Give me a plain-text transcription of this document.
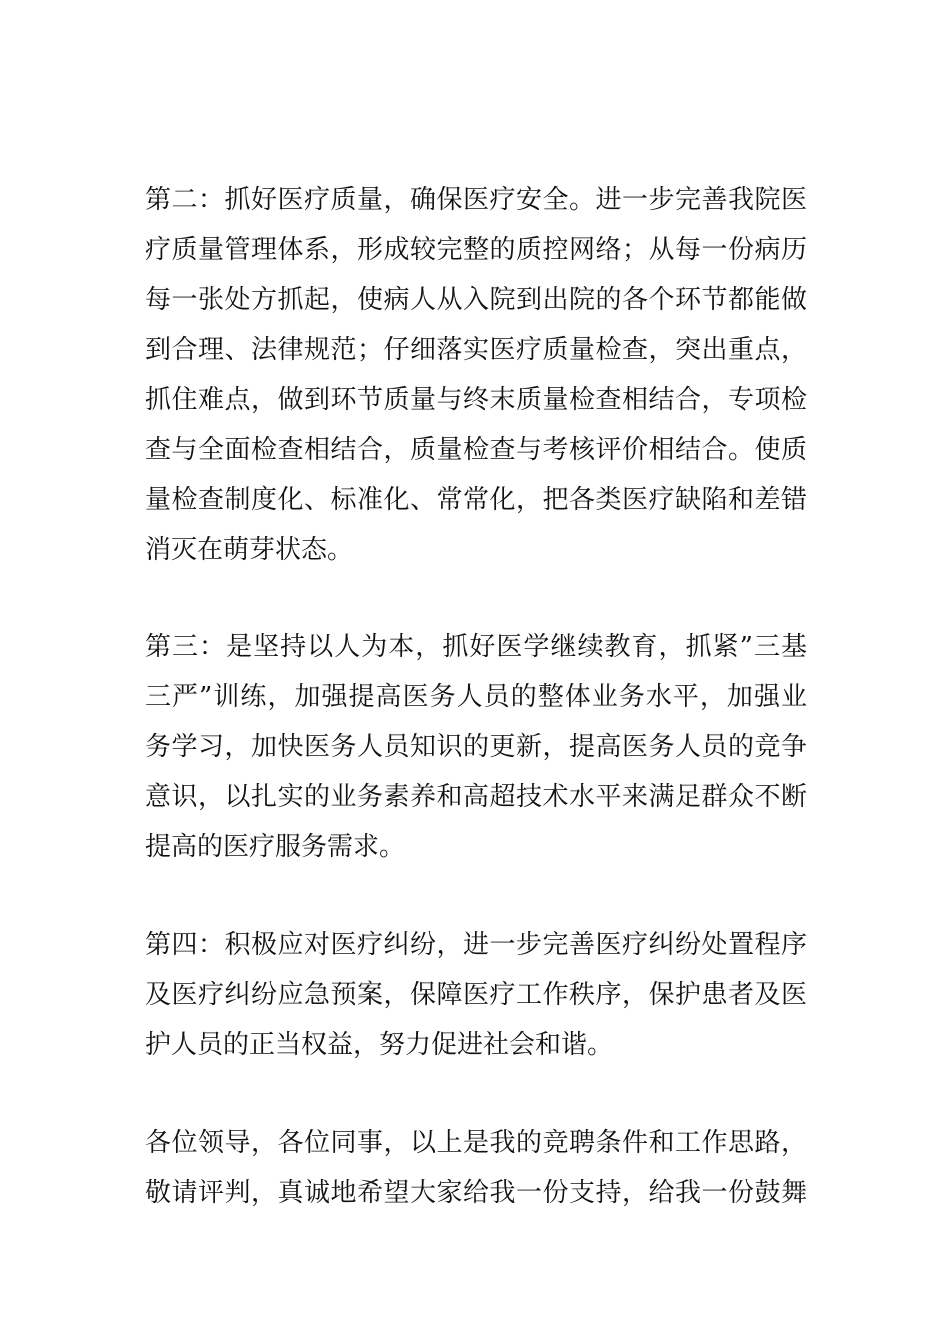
第二：抓好医疗质量，确保医疗安全。进一步完善我院医
疗质量管理体系，形成较完整的质控网络；从每一份病历
每一张处方抓起，使病人从入院到出院的各个环节都能做
到合理、法律规范；仔细落实医疗质量检查，突出重点，
抓住难点，做到环节质量与终末质量检查相结合，专项检
查与全面检查相结合，质量检查与考核评价相结合。使质
量检查制度化、标准化、常常化，把各类医疗缺陷和差错
消灭在萌芽状态。
第三：是坚持以人为本，抓好医学继续教育，抓紧”三基
三严”训练，加强提高医务人员的整体业务水平，加强业
务学习，加快医务人员知识的更新，提高医务人员的竞争
意识，以扎实的业务素养和高超技术水平来满足群众不断
提高的医疗服务需求。
第四：积极应对医疗纠纷，进一步完善医疗纠纷处置程序
及医疗纠纷应急预案，保障医疗工作秩序，保护患者及医
护人员的正当权益，努力促进社会和谐。
各位领导，各位同事，以上是我的竞聘条件和工作思路，
敬请评判，真诚地希望大家给我一份支持，给我一份鼓舞
